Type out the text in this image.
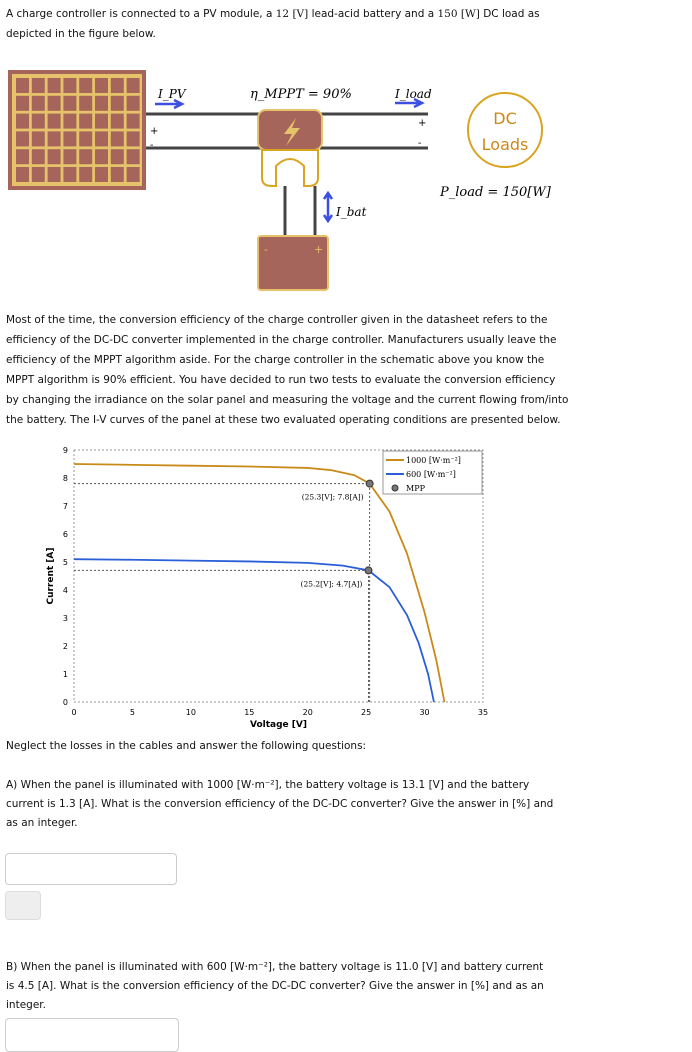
A charge controller is connected to a PV module, a 12 [V] lead-acid battery and a 150 [W] DC load as
depicted in the figure below.

-	+
DC
Loads
I_PV	η_MPPT = 90%	I_load
P_load = 150[W]
I_bat
+
-
+
-

Most of the time, the conversion efficiency of the charge controller given in the datasheet refers to the
efficiency of the DC-DC converter implemented in the charge controller. Manufacturers usually leave the
efficiency of the MPPT algorithm aside. For the charge controller in the schematic above you know the
MPPT algorithm is 90% efficient. You have decided to run two tests to evaluate the conversion efficiency
by changing the irradiance on the solar panel and measuring the voltage and the current flowing from/into
the battery. The I-V curves of the panel at these two evaluated operating conditions are presented below.

0	5	10	15	20	25	30	35
0
1
2
3
4
5
6
7
8
9
Voltage [V]
Current [A]
(25.3[V]; 7.8[A])
(25.2[V]; 4.7[A])
1000 [W·m⁻²]
600 [W·m⁻²]
MPP

Neglect the losses in the cables and answer the following questions:

A) When the panel is illuminated with 1000 [W·m⁻²], the battery voltage is 13.1 [V] and the battery
current is 1.3 [A]. What is the conversion efficiency of the DC-DC converter? Give the answer in [%] and
as an integer.

B) When the panel is illuminated with 600 [W·m⁻²], the battery voltage is 11.0 [V] and battery current
is 4.5 [A]. What is the conversion efficiency of the DC-DC converter? Give the answer in [%] and as an
integer.
